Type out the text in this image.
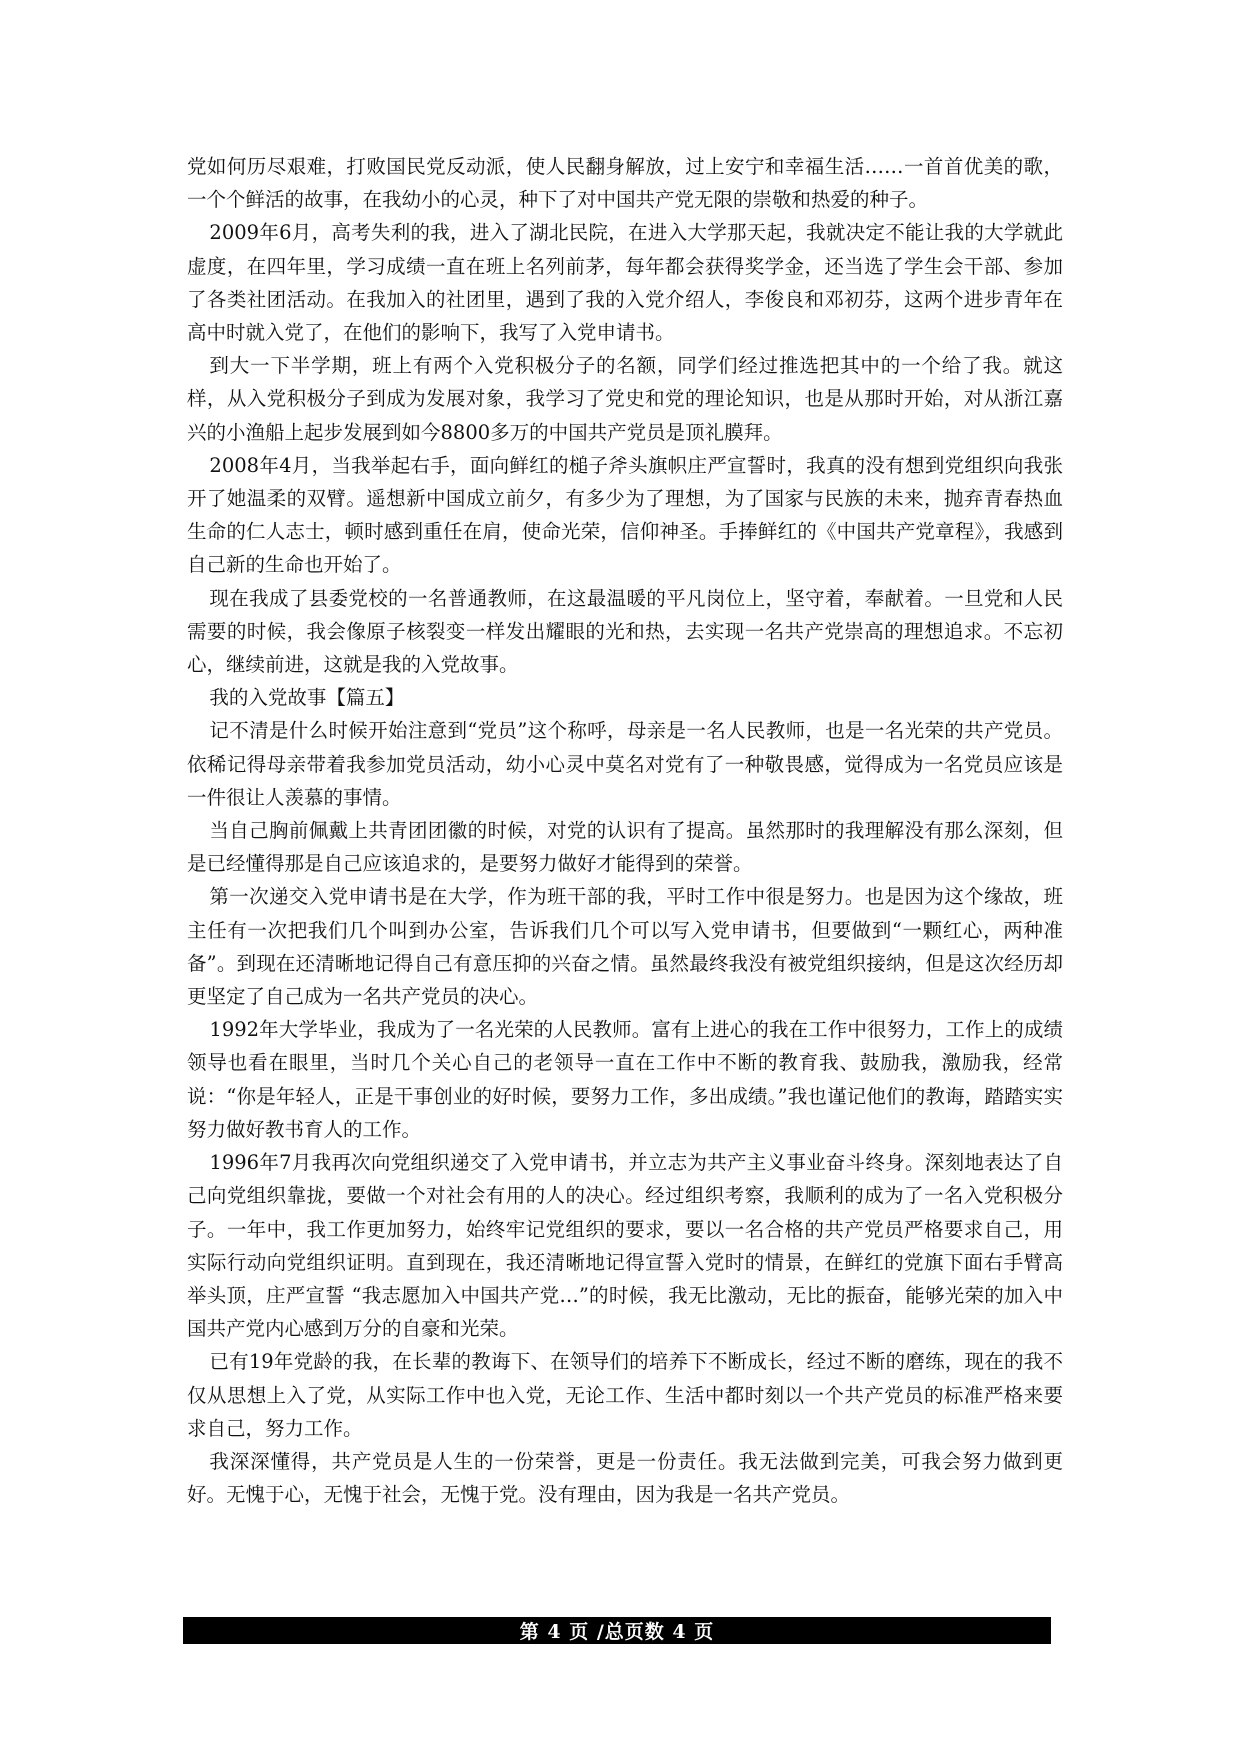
党如何历尽艰难，打败国民党反动派，使人民翻身解放，过上安宁和幸福生活……一首首优美的歌，一个个鲜活的故事，在我幼小的心灵，种下了对中国共产党无限的崇敬和热爱的种子。

2009年6月，高考失利的我，进入了湖北民院，在进入大学那天起，我就决定不能让我的大学就此虚度，在四年里，学习成绩一直在班上名列前茅，每年都会获得奖学金，还当选了学生会干部、参加了各类社团活动。在我加入的社团里，遇到了我的入党介绍人，李俊良和邓初芬，这两个进步青年在高中时就入党了，在他们的影响下，我写了入党申请书。

到大一下半学期，班上有两个入党积极分子的名额，同学们经过推选把其中的一个给了我。就这样，从入党积极分子到成为发展对象，我学习了党史和党的理论知识，也是从那时开始，对从浙江嘉兴的小渔船上起步发展到如今8800多万的中国共产党员是顶礼膜拜。

2008年4月，当我举起右手，面向鲜红的槌子斧头旗帜庄严宣誓时，我真的没有想到党组织向我张开了她温柔的双臂。遥想新中国成立前夕，有多少为了理想，为了国家与民族的未来，抛弃青春热血生命的仁人志士，顿时感到重任在肩，使命光荣，信仰神圣。手捧鲜红的《中国共产党章程》，我感到自己新的生命也开始了。

现在我成了县委党校的一名普通教师，在这最温暖的平凡岗位上，坚守着，奉献着。一旦党和人民需要的时候，我会像原子核裂变一样发出耀眼的光和热，去实现一名共产党崇高的理想追求。不忘初心，继续前进，这就是我的入党故事。

我的入党故事【篇五】

记不清是什么时候开始注意到“党员”这个称呼，母亲是一名人民教师，也是一名光荣的共产党员。依稀记得母亲带着我参加党员活动，幼小心灵中莫名对党有了一种敬畏感，觉得成为一名党员应该是一件很让人羡慕的事情。

当自己胸前佩戴上共青团团徽的时候，对党的认识有了提高。虽然那时的我理解没有那么深刻，但是已经懂得那是自己应该追求的，是要努力做好才能得到的荣誉。

第一次递交入党申请书是在大学，作为班干部的我，平时工作中很是努力。也是因为这个缘故，班主任有一次把我们几个叫到办公室，告诉我们几个可以写入党申请书，但要做到“一颗红心，两种准备”。到现在还清晰地记得自己有意压抑的兴奋之情。虽然最终我没有被党组织接纳，但是这次经历却更坚定了自己成为一名共产党员的决心。

1992年大学毕业，我成为了一名光荣的人民教师。富有上进心的我在工作中很努力，工作上的成绩领导也看在眼里，当时几个关心自己的老领导一直在工作中不断的教育我、鼓励我，激励我，经常说：“你是年轻人，正是干事创业的好时候，要努力工作，多出成绩。”我也谨记他们的教诲，踏踏实实努力做好教书育人的工作。

1996年7月我再次向党组织递交了入党申请书，并立志为共产主义事业奋斗终身。深刻地表达了自己向党组织靠拢，要做一个对社会有用的人的决心。经过组织考察，我顺利的成为了一名入党积极分子。一年中，我工作更加努力，始终牢记党组织的要求，要以一名合格的共产党员严格要求自己，用实际行动向党组织证明。直到现在，我还清晰地记得宣誓入党时的情景，在鲜红的党旗下面右手臂高举头顶，庄严宣誓 “我志愿加入中国共产党…”的时候，我无比激动，无比的振奋，能够光荣的加入中国共产党内心感到万分的自豪和光荣。

已有19年党龄的我，在长辈的教诲下、在领导们的培养下不断成长，经过不断的磨练，现在的我不仅从思想上入了党，从实际工作中也入党，无论工作、生活中都时刻以一个共产党员的标准严格来要求自己，努力工作。

我深深懂得，共产党员是人生的一份荣誉，更是一份责任。我无法做到完美，可我会努力做到更好。无愧于心，无愧于社会，无愧于党。没有理由，因为我是一名共产党员。

第 4 页 /总页数 4 页
